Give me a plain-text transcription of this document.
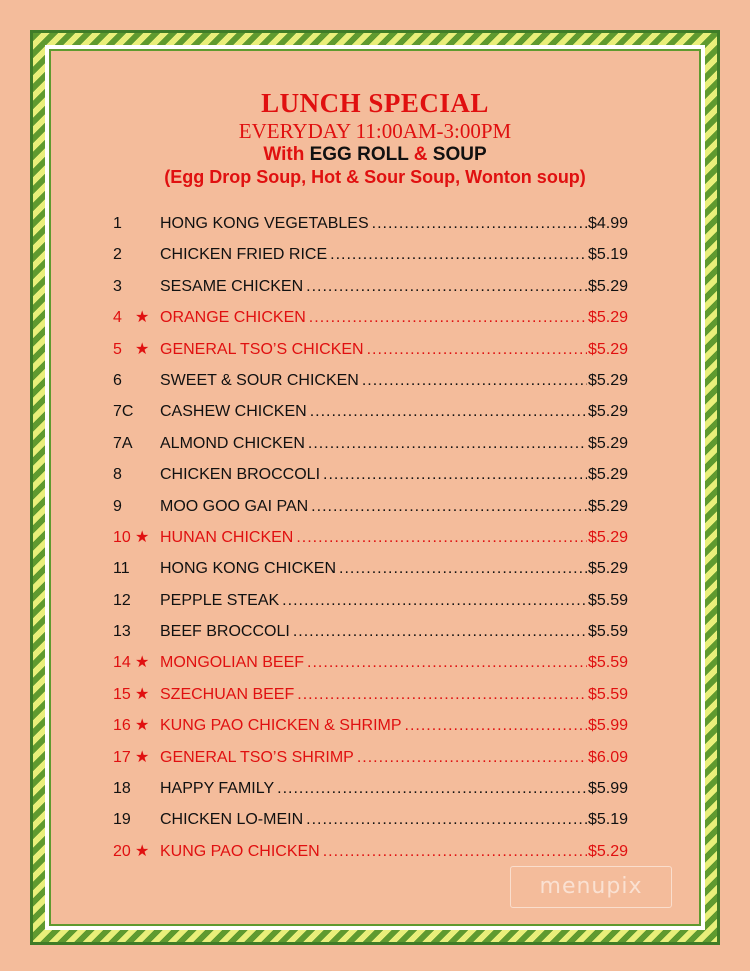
LUNCH SPECIAL
EVERYDAY 11:00AM-3:00PM
With EGG ROLL & SOUP
(Egg Drop Soup, Hot & Sour Soup, Wonton soup)
1	HONG KONG VEGETABLES .....	$4.99
2	CHICKEN FRIED RICE .....	$5.19
3	SESAME CHICKEN .....	$5.29
4 ★ ORANGE CHICKEN .....	$5.29
5 ★ GENERAL TSO’S CHICKEN .....	$5.29
6	SWEET & SOUR CHICKEN .....	$5.29
7C	CASHEW CHICKEN .....	$5.29
7A	ALMOND CHICKEN .....	$5.29
8	CHICKEN BROCCOLI .....	$5.29
9	MOO GOO GAI PAN .....	$5.29
10 ★ HUNAN CHICKEN .....	$5.29
11	HONG KONG CHICKEN .....	$5.29
12	PEPPLE STEAK .....	$5.59
13	BEEF BROCCOLI .....	$5.59
14 ★ MONGOLIAN BEEF .....	$5.59
15 ★ SZECHUAN BEEF .....	$5.59
16 ★ KUNG PAO CHICKEN & SHRIMP .....	$5.99
17 ★ GENERAL TSO’S SHRIMP .....	$6.09
18	HAPPY FAMILY .....	$5.99
19	CHICKEN LO-MEIN .....	$5.19
20 ★ KUNG PAO CHICKEN .....	$5.29
menupix
